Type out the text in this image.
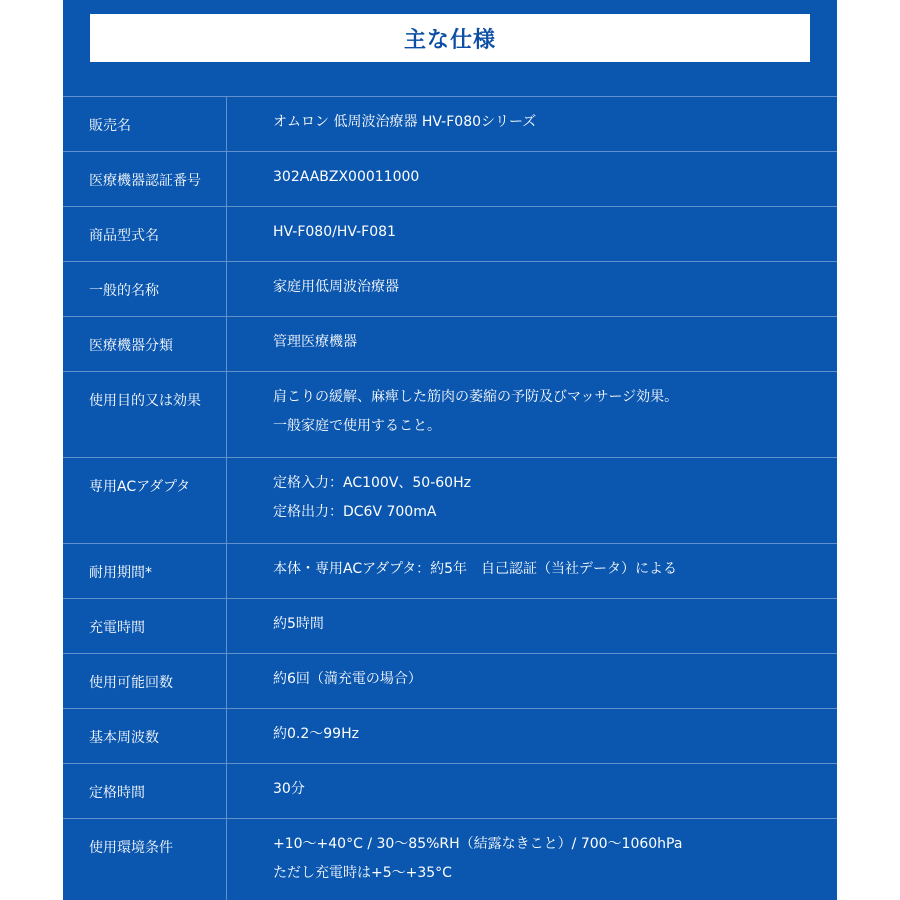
主な仕様
販売名	オムロン 低周波治療器 HV-F080シリーズ
医療機器認証番号	302AABZX00011000
商品型式名	HV-F080/HV-F081
一般的名称	家庭用低周波治療器
医療機器分類	管理医療機器
使用目的又は効果	肩こりの緩解、麻痺した筋肉の萎縮の予防及びマッサージ効果。
一般家庭で使用すること。
専用ACアダプタ	定格入力：AC100V、50-60Hz
定格出力：DC6V 700mA
耐用期間*	本体・専用ACアダプタ：約5年　自己認証（当社データ）による
充電時間	約5時間
使用可能回数	約6回（満充電の場合）
基本周波数	約0.2〜99Hz
定格時間	30分
使用環境条件	+10〜+40°C / 30〜85%RH（結露なきこと）/ 700〜1060hPa
ただし充電時は+5〜+35°C
